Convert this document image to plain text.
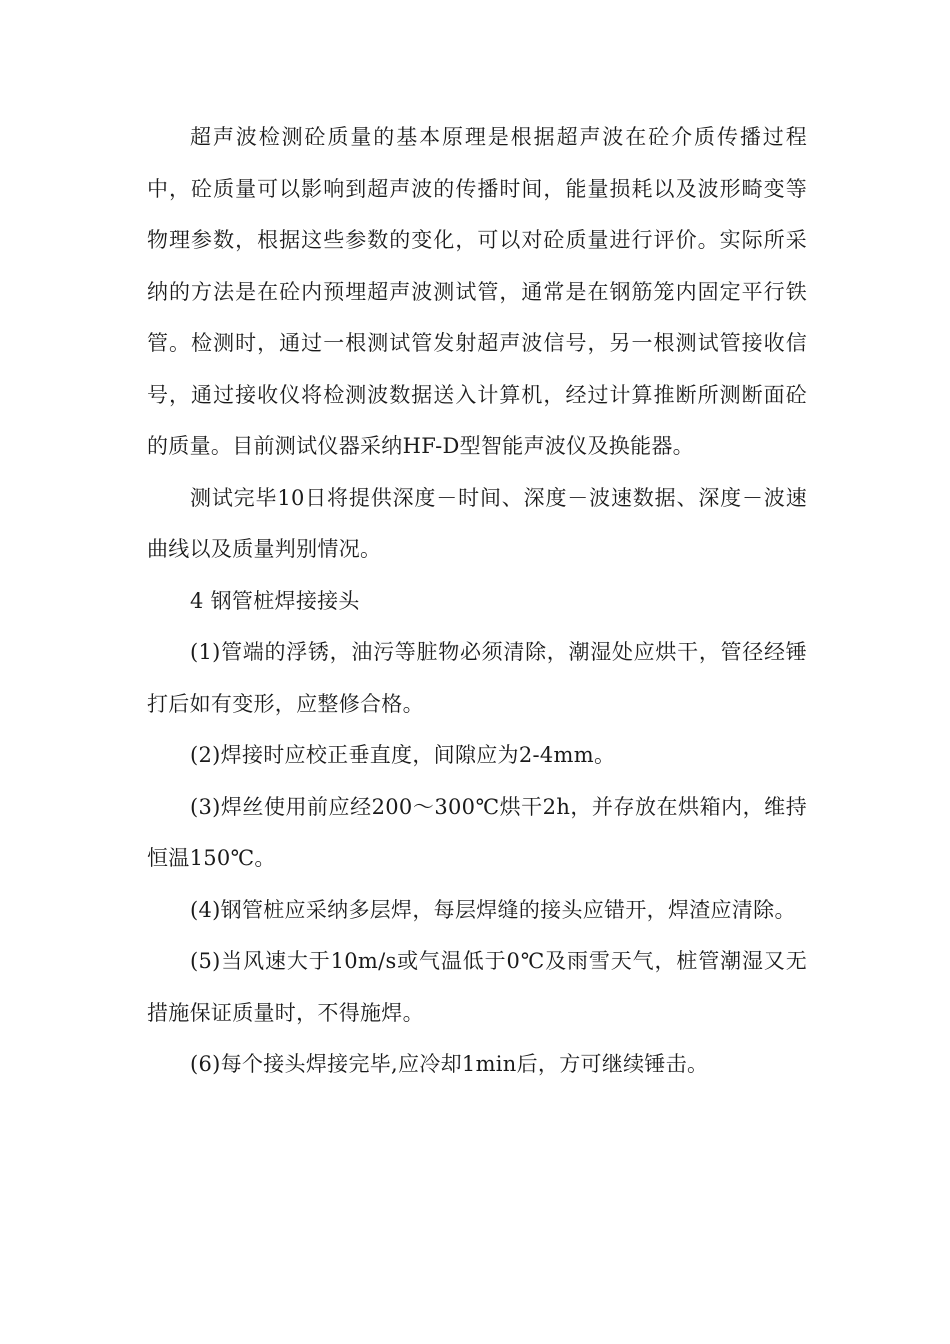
超声波检测砼质量的基本原理是根据超声波在砼介质传播过程中，砼质量可以影响到超声波的传播时间，能量损耗以及波形畸变等物理参数，根据这些参数的变化，可以对砼质量进行评价。实际所采纳的方法是在砼内预埋超声波测试管，通常是在钢筋笼内固定平行铁管。检测时，通过一根测试管发射超声波信号，另一根测试管接收信号，通过接收仪将检测波数据送入计算机，经过计算推断所测断面砼的质量。目前测试仪器采纳HF-D型智能声波仪及换能器。

测试完毕10日将提供深度－时间、深度－波速数据、深度－波速曲线以及质量判别情况。

4 钢管桩焊接接头

(1)管端的浮锈，油污等脏物必须清除，潮湿处应烘干，管径经锤打后如有变形，应整修合格。

(2)焊接时应校正垂直度，间隙应为2-4mm。

(3)焊丝使用前应经200～300℃烘干2h，并存放在烘箱内，维持恒温150℃。

(4)钢管桩应采纳多层焊，每层焊缝的接头应错开，焊渣应清除。

(5)当风速大于10m/s或气温低于0℃及雨雪天气，桩管潮湿又无措施保证质量时，不得施焊。

(6)每个接头焊接完毕,应冷却1min后，方可继续锤击。
